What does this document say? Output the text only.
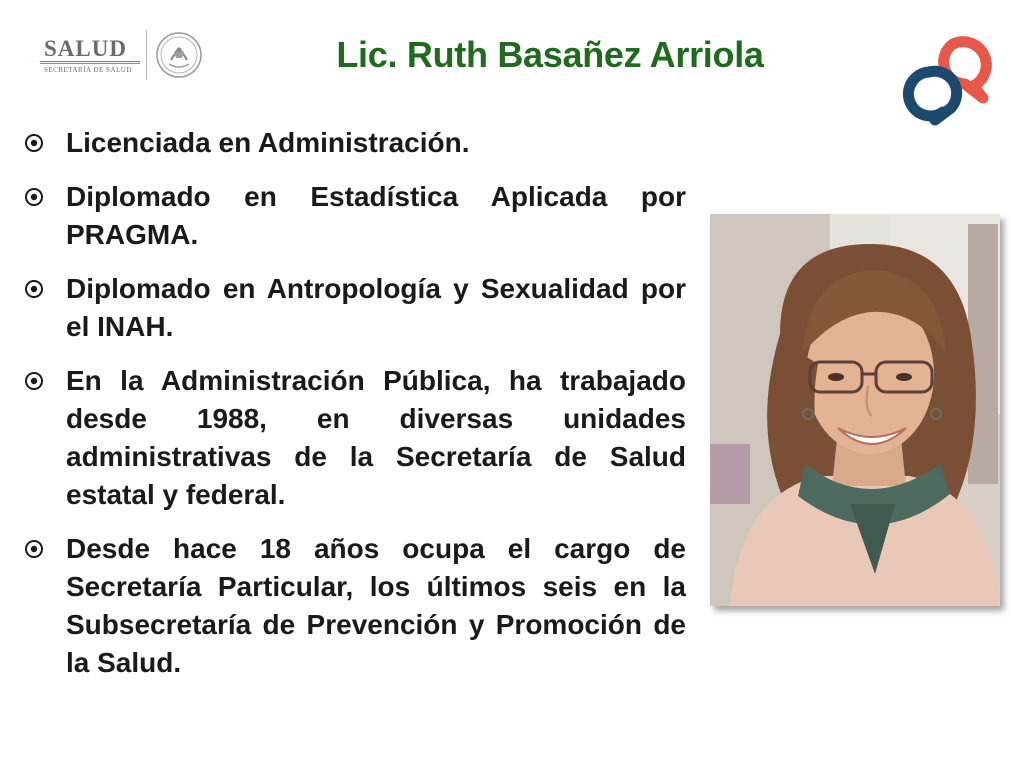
SALUD
SECRETARÍA DE SALUD	Lic. Ruth Basañez Arriola
Licenciada en Administración.
Diplomado en Estadística Aplicada por PRAGMA.
Diplomado en Antropología y Sexualidad por el INAH.
En la Administración Pública, ha trabajado desde 1988, en diversas unidades administrativas de la Secretaría de Salud estatal y federal.
Desde hace 18 años ocupa el cargo de Secretaría Particular, los últimos seis en la Subsecretaría de Prevención y Promoción de la Salud.
